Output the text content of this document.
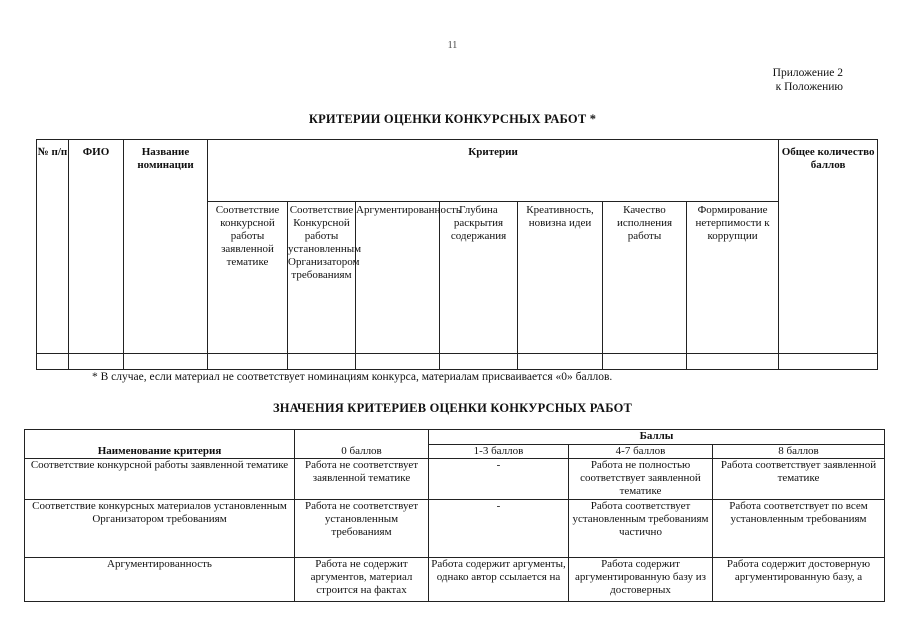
11
Приложение 2
к Положению
КРИТЕРИИ ОЦЕНКИ КОНКУРСНЫХ РАБОТ *
№ п/п	ФИО	Название номинации	Критерии							Общее количество баллов
			Соответствие конкурсной работы заявленной тематике	Соответствие Конкурсной работы установленным Организатором требованиям	Аргументированность	Глубина раскрытия содержания	Креативность, новизна идеи	Качество исполнения работы	Формирование нетерпимости к коррупции	

* В случае, если материал не соответствует номинациям конкурса, материалам присваивается «0» баллов.
ЗНАЧЕНИЯ КРИТЕРИЕВ ОЦЕНКИ КОНКУРСНЫХ РАБОТ
Наименование критерия		Баллы		
	0 баллов	1-3 баллов	4-7 баллов	8 баллов
Соответствие конкурсной работы заявленной тематике	Работа не соответствует заявленной тематике	-	Работа не полностью соответствует заявленной тематике	Работа соответствует заявленной тематике
Соответствие конкурсных материалов установленным Организатором требованиям	Работа не соответствует установленным требованиям	-	Работа соответствует установленным требованиям частично	Работа соответствует по всем установленным требованиям
Аргументированность	Работа не содержит аргументов, материал строится на фактах	Работа содержит аргументы, однако автор ссылается на	Работа содержит аргументированную базу из достоверных	Работа содержит достоверную аргументированную базу, а
